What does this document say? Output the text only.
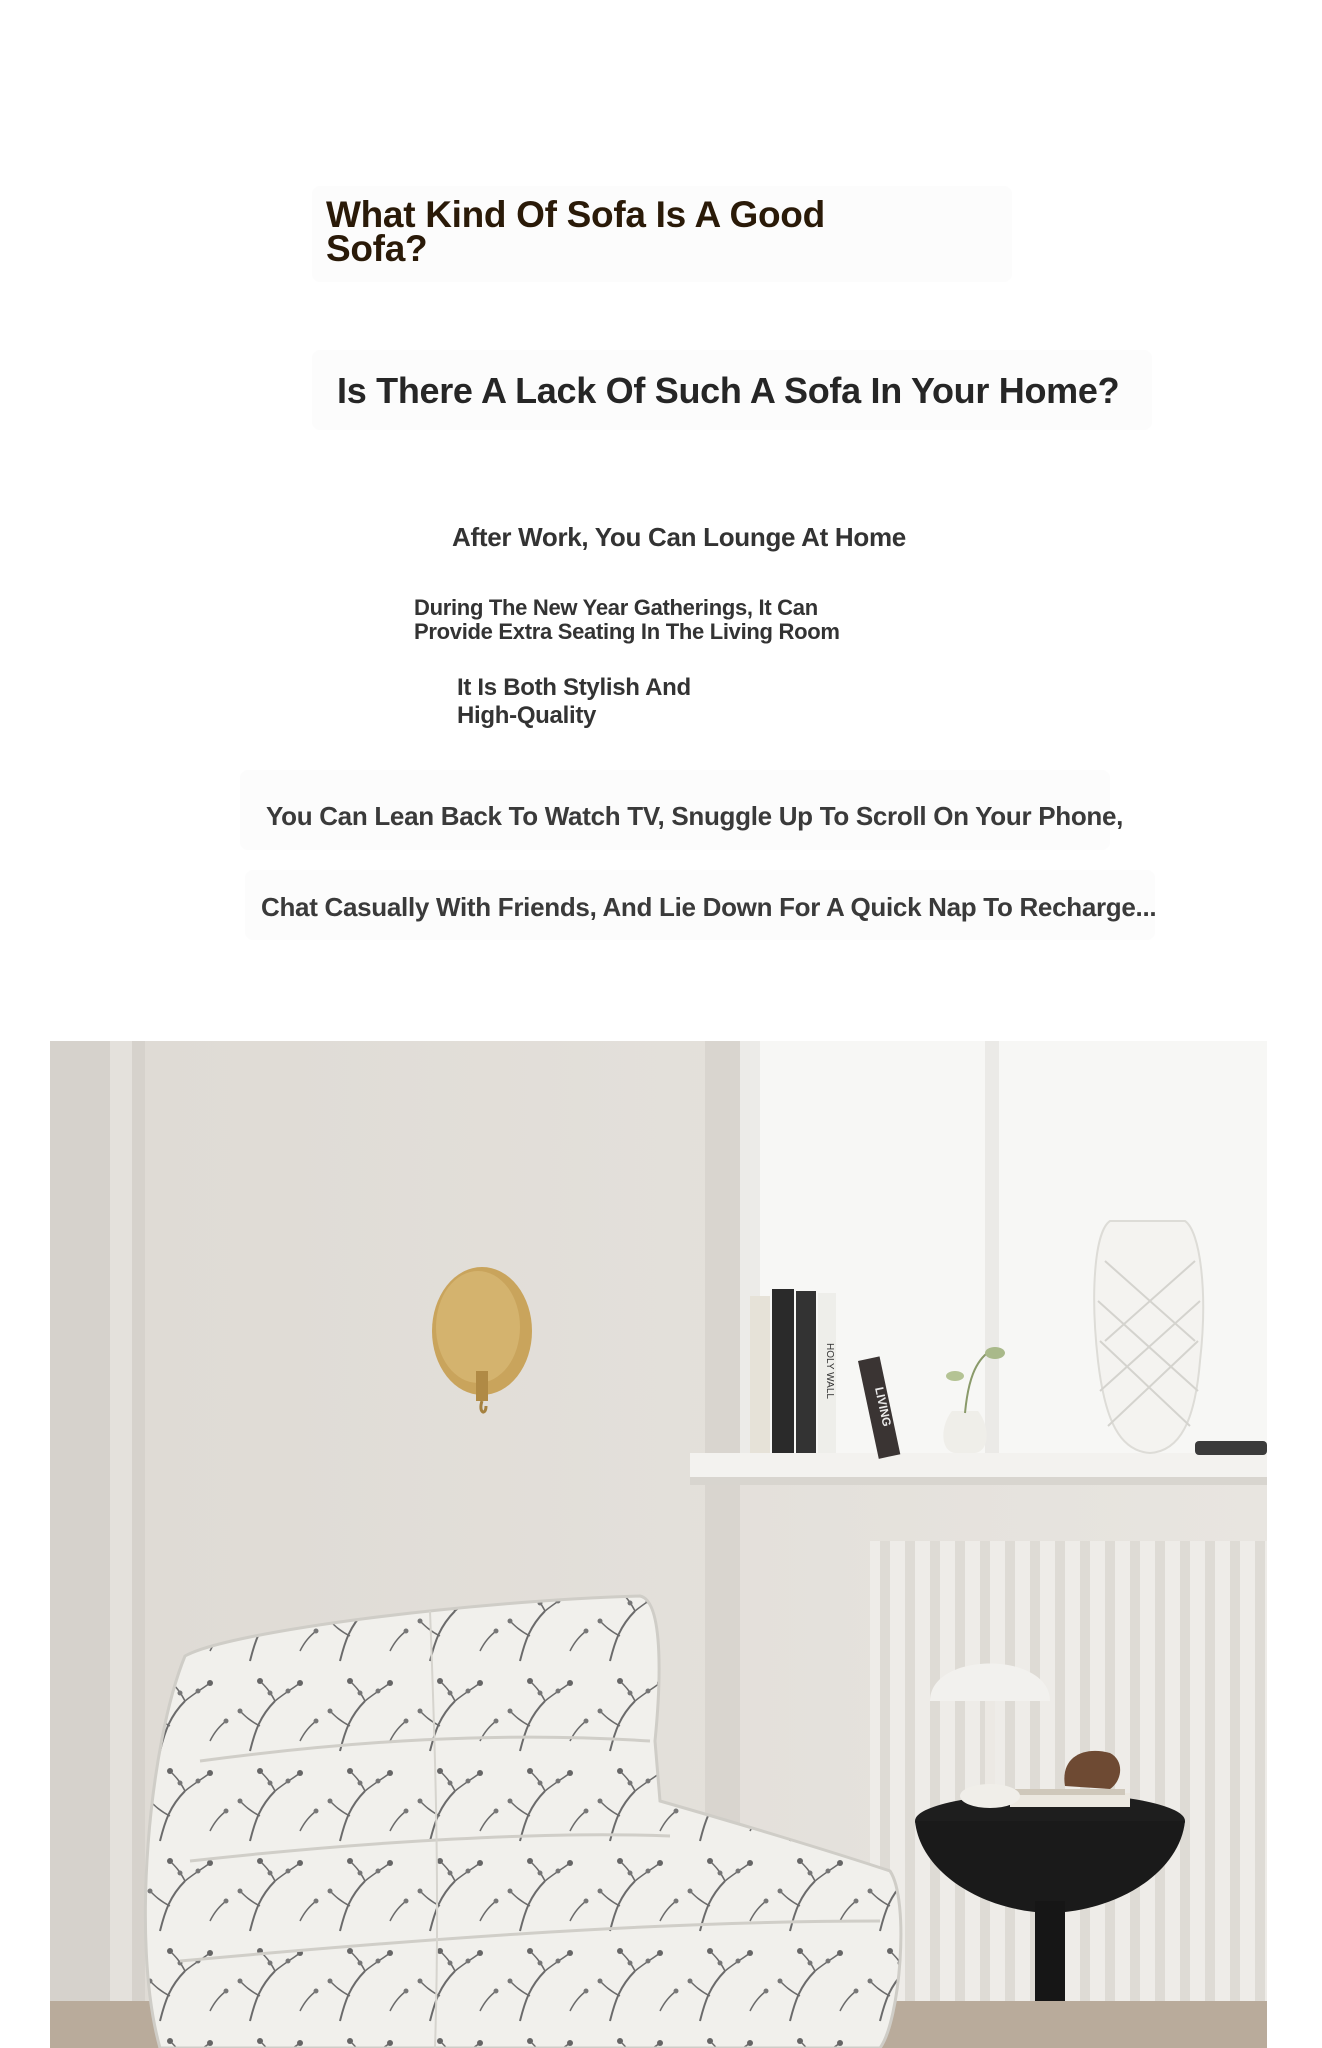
What Kind Of Sofa Is A Good
Sofa?
Is There A Lack Of Such A Sofa In Your Home?

After Work, You Can Lounge At Home

During The New Year Gatherings, It Can
Provide Extra Seating In The Living Room

It Is Both Stylish And
High-Quality

You Can Lean Back To Watch TV, Snuggle Up To Scroll On Your Phone,

Chat Casually With Friends, And Lie Down For A Quick Nap To Recharge...

LIVING
HOLY WALL
